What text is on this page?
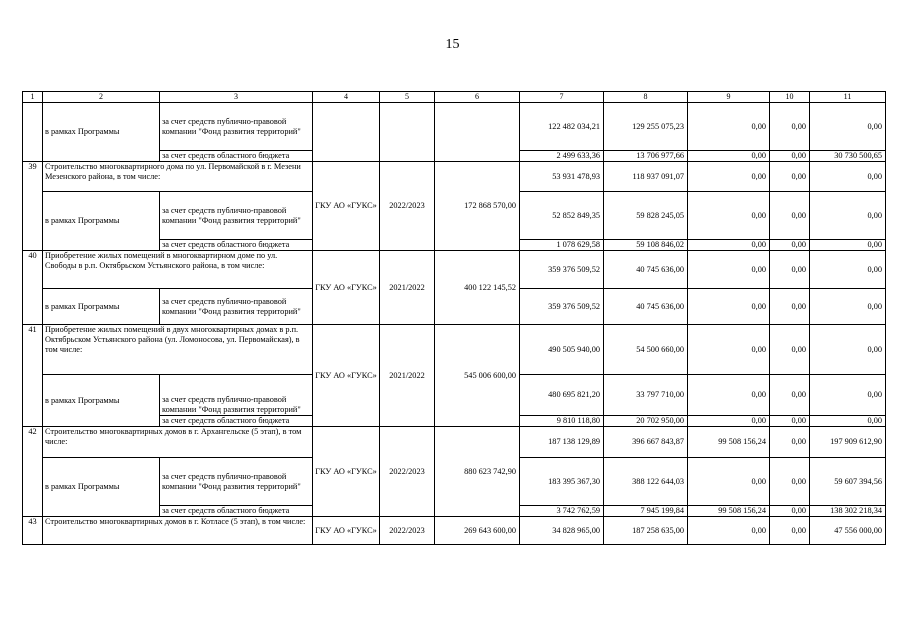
15
1	2	3	4	5	6	7	8	9	10	11
	в рамках Программы	за счет средств публично-правовой компании "Фонд развития территорий"				122 482 034,21	129 255 075,23	0,00	0,00	0,00
		за счет средств областного бюджета				2 499 633,36	13 706 977,66	0,00	0,00	30 730 500,65
39	Строительство многоквартирного дома по ул. Первомайской в г. Мезени Мезенского района, в том числе:		ГКУ АО «ГУКС»	2022/2023	172 868 570,00	53 931 478,93	118 937 091,07	0,00	0,00	0,00
	в рамках Программы	за счет средств публично-правовой компании "Фонд развития территорий"				52 852 849,35	59 828 245,05	0,00	0,00	0,00
		за счет средств областного бюджета				1 078 629,58	59 108 846,02	0,00	0,00	0,00
40	Приобретение жилых помещений в многоквартирном доме по ул. Свободы в р.п. Октябрьском Устьянского района, в том числе:		ГКУ АО «ГУКС»	2021/2022	400 122 145,52	359 376 509,52	40 745 636,00	0,00	0,00	0,00
	в рамках Программы	за счет средств публично-правовой компании "Фонд развития территорий"				359 376 509,52	40 745 636,00	0,00	0,00	0,00
41	Приобретение жилых помещений в двух многоквартирных домах в р.п. Октябрьском Устьянского района (ул. Ломоносова, ул. Первомайская), в том числе:		ГКУ АО «ГУКС»	2021/2022	545 006 600,00	490 505 940,00	54 500 660,00	0,00	0,00	0,00
	в рамках Программы	за счет средств публично-правовой компании "Фонд развития территорий"				480 695 821,20	33 797 710,00	0,00	0,00	0,00
		за счет средств областного бюджета				9 810 118,80	20 702 950,00	0,00	0,00	0,00
42	Строительство многоквартирных домов в г. Архангельске (5 этап), в том числе:		ГКУ АО «ГУКС»	2022/2023	880 623 742,90	187 138 129,89	396 667 843,87	99 508 156,24	0,00	197 909 612,90
	в рамках Программы	за счет средств публично-правовой компании "Фонд развития территорий"				183 395 367,30	388 122 644,03	0,00	0,00	59 607 394,56
		за счет средств областного бюджета				3 742 762,59	7 945 199,84	99 508 156,24	0,00	138 302 218,34
43	Строительство многоквартирных домов в г. Котласе (5 этап), в том числе:		ГКУ АО «ГУКС»	2022/2023	269 643 600,00	34 828 965,00	187 258 635,00	0,00	0,00	47 556 000,00
